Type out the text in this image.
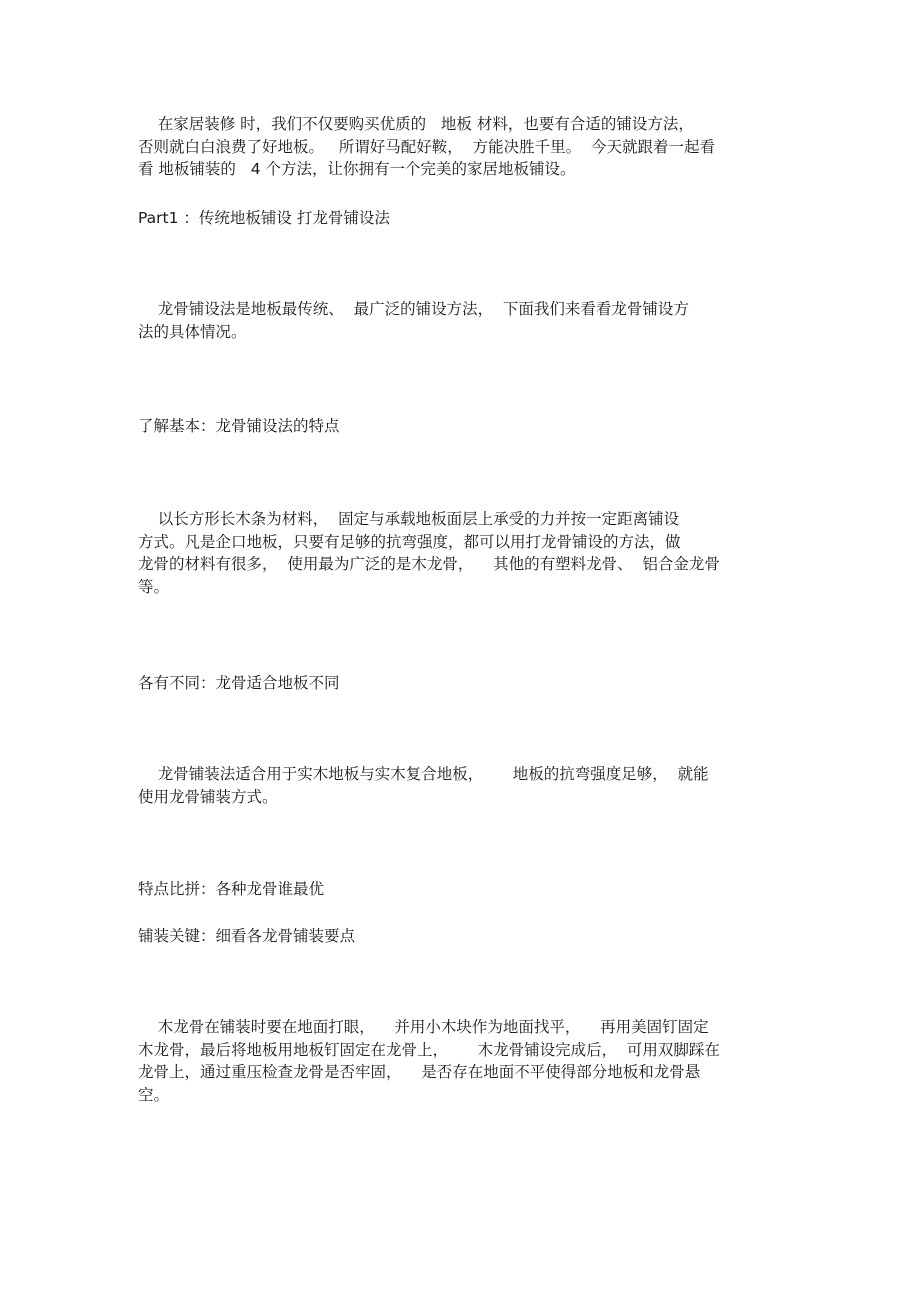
在家居装修 时，我们不仅要购买优质的   地板 材料，也要有合适的铺设方法，
否则就白白浪费了好地板。   所谓好马配好鞍，  方能决胜千里。  今天就跟着一起看
看 地板铺装的   4 个方法，让你拥有一个完美的家居地板铺设。
Part1 ：传统地板铺设 打龙骨铺设法
龙骨铺设法是地板最传统、  最广泛的铺设方法，  下面我们来看看龙骨铺设方
法的具体情况。
了解基本：龙骨铺设法的特点
以长方形长木条为材料，  固定与承载地板面层上承受的力并按一定距离铺设
方式。凡是企口地板，只要有足够的抗弯强度，都可以用打龙骨铺设的方法，做
龙骨的材料有很多，  使用最为广泛的是木龙骨，    其他的有塑料龙骨、  铝合金龙骨
等。
各有不同：龙骨适合地板不同
龙骨铺装法适合用于实木地板与实木复合地板，      地板的抗弯强度足够，  就能
使用龙骨铺装方式。
特点比拼：各种龙骨谁最优
铺装关键：细看各龙骨铺装要点
木龙骨在铺装时要在地面打眼，    并用小木块作为地面找平，    再用美固钉固定
木龙骨，最后将地板用地板钉固定在龙骨上，      木龙骨铺设完成后，  可用双脚踩在
龙骨上，通过重压检查龙骨是否牢固，    是否存在地面不平使得部分地板和龙骨悬
空。
